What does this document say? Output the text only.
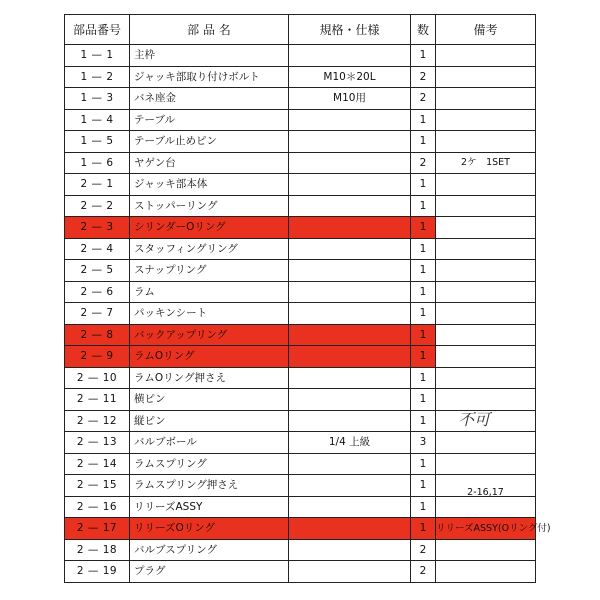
部品番号	部 品 名	規格・仕様	数	備考
1 — 1	主枠		1	
1 — 2	ジャッキ部取り付けボルト	M10＊20L	2	
1 — 3	バネ座金	M10用	2	
1 — 4	テーブル		1	
1 — 5	テーブル止めピン		1	
1 — 6	ヤゲン台		2	2ケ　1SET
2 — 1	ジャッキ部本体		1	
2 — 2	ストッパーリング		1	
2 — 3	シリンダーOリング		1	
2 — 4	スタッフィングリング		1	
2 — 5	スナップリング		1	
2 — 6	ラム		1	
2 — 7	パッキンシート		1	
2 — 8	バックアップリング		1	
2 — 9	ラムOリング		1	
2 — 10	ラムOリング押さえ		1	
2 — 11	横ピン		1	
2 — 12	縦ピン		1	不可

2 — 13	バルブボール	1/4 上級	3	
2 — 14	ラムスプリング		1	
2 — 15	ラムスプリング押さえ		1	
2 — 16	リリーズASSY		1	2-16,17

2 — 17	リリーズOリング		1	リリーズASSY(Oリング付)
2 — 18	バルブスプリング		2	
2 — 19	プラグ		2	
